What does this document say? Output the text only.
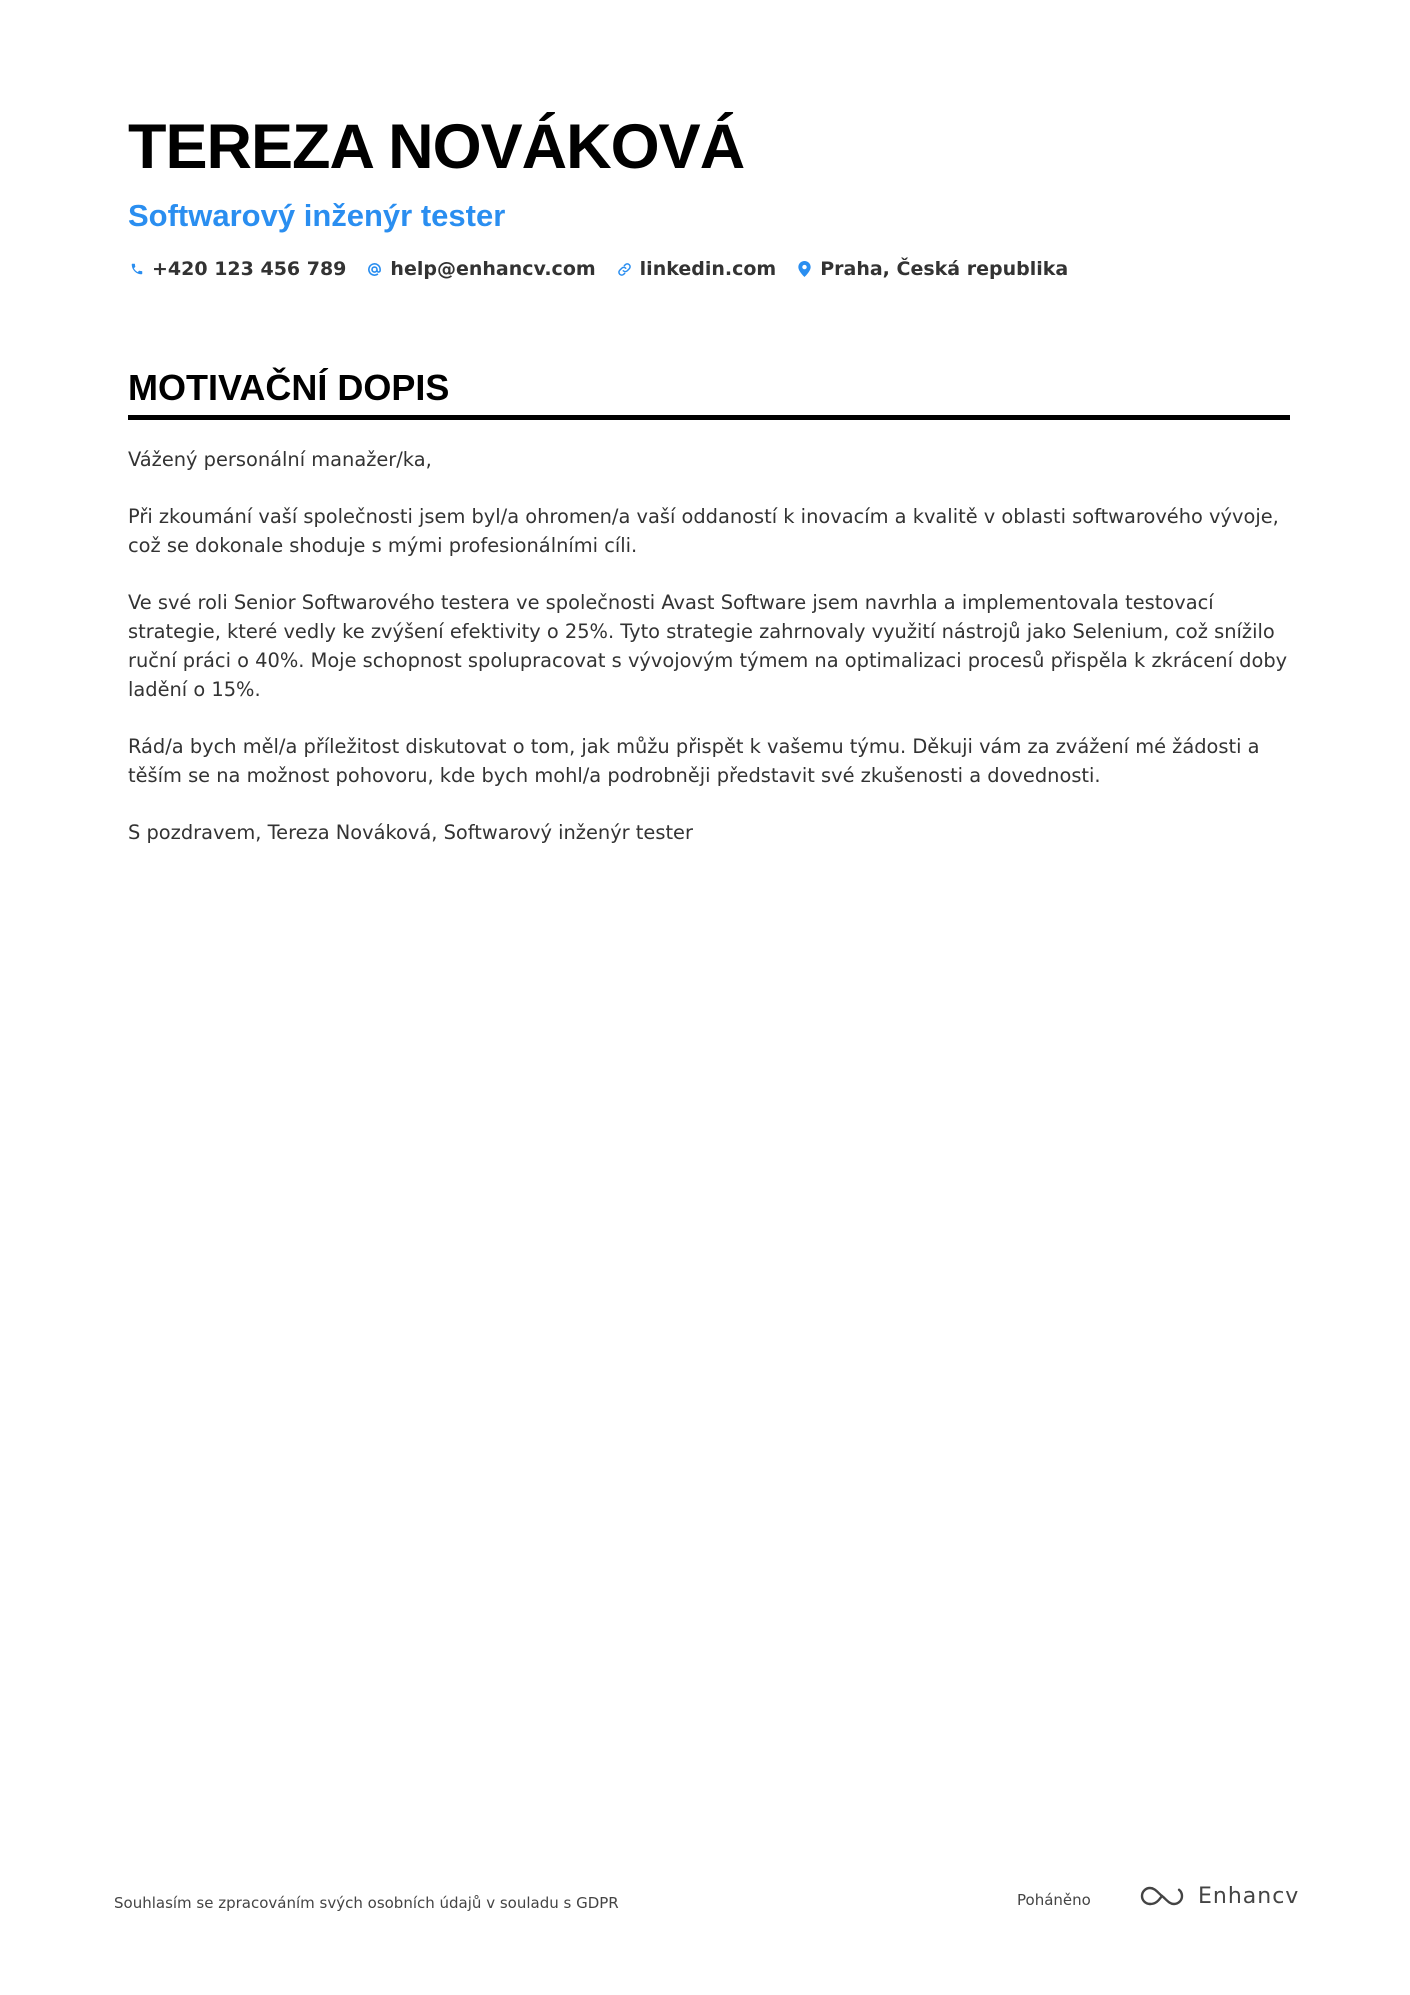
TEREZA NOVÁKOVÁ
Softwarový inženýr tester
+420 123 456 789 help@enhancv.com linkedin.com Praha, Česká republika
MOTIVAČNÍ DOPIS

Vážený personální manažer/ka,

Při zkoumání vaší společnosti jsem byl/a ohromen/a vaší oddaností k inovacím a kvalitě v oblasti softwarového vývoje, což se dokonale shoduje s mými profesionálními cíli.

Ve své roli Senior Softwarového testera ve společnosti Avast Software jsem navrhla a implementovala testovací strategie, které vedly ke zvýšení efektivity o 25%. Tyto strategie zahrnovaly využití nástrojů jako Selenium, což snížilo ruční práci o 40%. Moje schopnost spolupracovat s vývojovým týmem na optimalizaci procesů přispěla k zkrácení doby ladění o 15%.

Rád/a bych měl/a příležitost diskutovat o tom, jak můžu přispět k vašemu týmu. Děkuji vám za zvážení mé žádosti a těším se na možnost pohovoru, kde bych mohl/a podrobněji představit své zkušenosti a dovednosti.

S pozdravem, Tereza Nováková, Softwarový inženýr tester

Souhlasím se zpracováním svých osobních údajů v souladu s GDPR	Poháněno	Enhancv
